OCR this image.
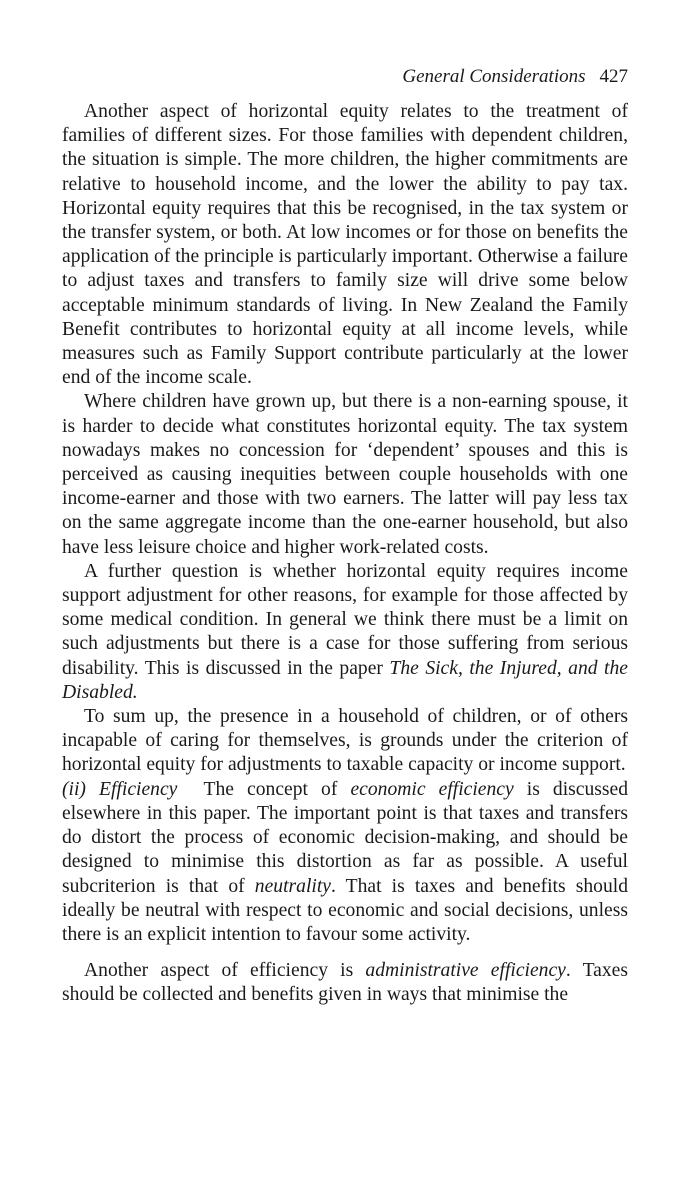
General Considerations 427

Another aspect of horizontal equity relates to the treatment of families of different sizes. For those families with dependent children, the situation is simple. The more children, the higher commitments are relative to household income, and the lower the ability to pay tax. Horizontal equity requires that this be recognised, in the tax system or the transfer system, or both. At low incomes or for those on benefits the application of the principle is particularly important. Otherwise a failure to adjust taxes and transfers to family size will drive some below acceptable minimum standards of living. In New Zealand the Family Benefit contributes to horizontal equity at all income levels, while measures such as Family Support contribute particularly at the lower end of the income scale.

Where children have grown up, but there is a non-earning spouse, it is harder to decide what constitutes horizontal equity. The tax system nowadays makes no concession for ‘dependent’ spouses and this is perceived as causing inequities between couple households with one income-earner and those with two earners. The latter will pay less tax on the same aggregate income than the one-earner household, but also have less leisure choice and higher work-related costs.

A further question is whether horizontal equity requires income support adjustment for other reasons, for example for those affected by some medical condition. In general we think there must be a limit on such adjustments but there is a case for those suffering from serious disability. This is discussed in the paper The Sick, the Injured, and the Disabled.

To sum up, the presence in a household of children, or of others incapable of caring for themselves, is grounds under the criterion of horizontal equity for adjustments to taxable capacity or income support.

(ii) Efficiency The concept of economic efficiency is discussed elsewhere in this paper. The important point is that taxes and transfers do distort the process of economic decision-making, and should be designed to minimise this distortion as far as possible. A useful subcriterion is that of neutrality. That is taxes and benefits should ideally be neutral with respect to economic and social decisions, unless there is an explicit intention to favour some activity.

Another aspect of efficiency is administrative efficiency. Taxes should be collected and benefits given in ways that minimise the
